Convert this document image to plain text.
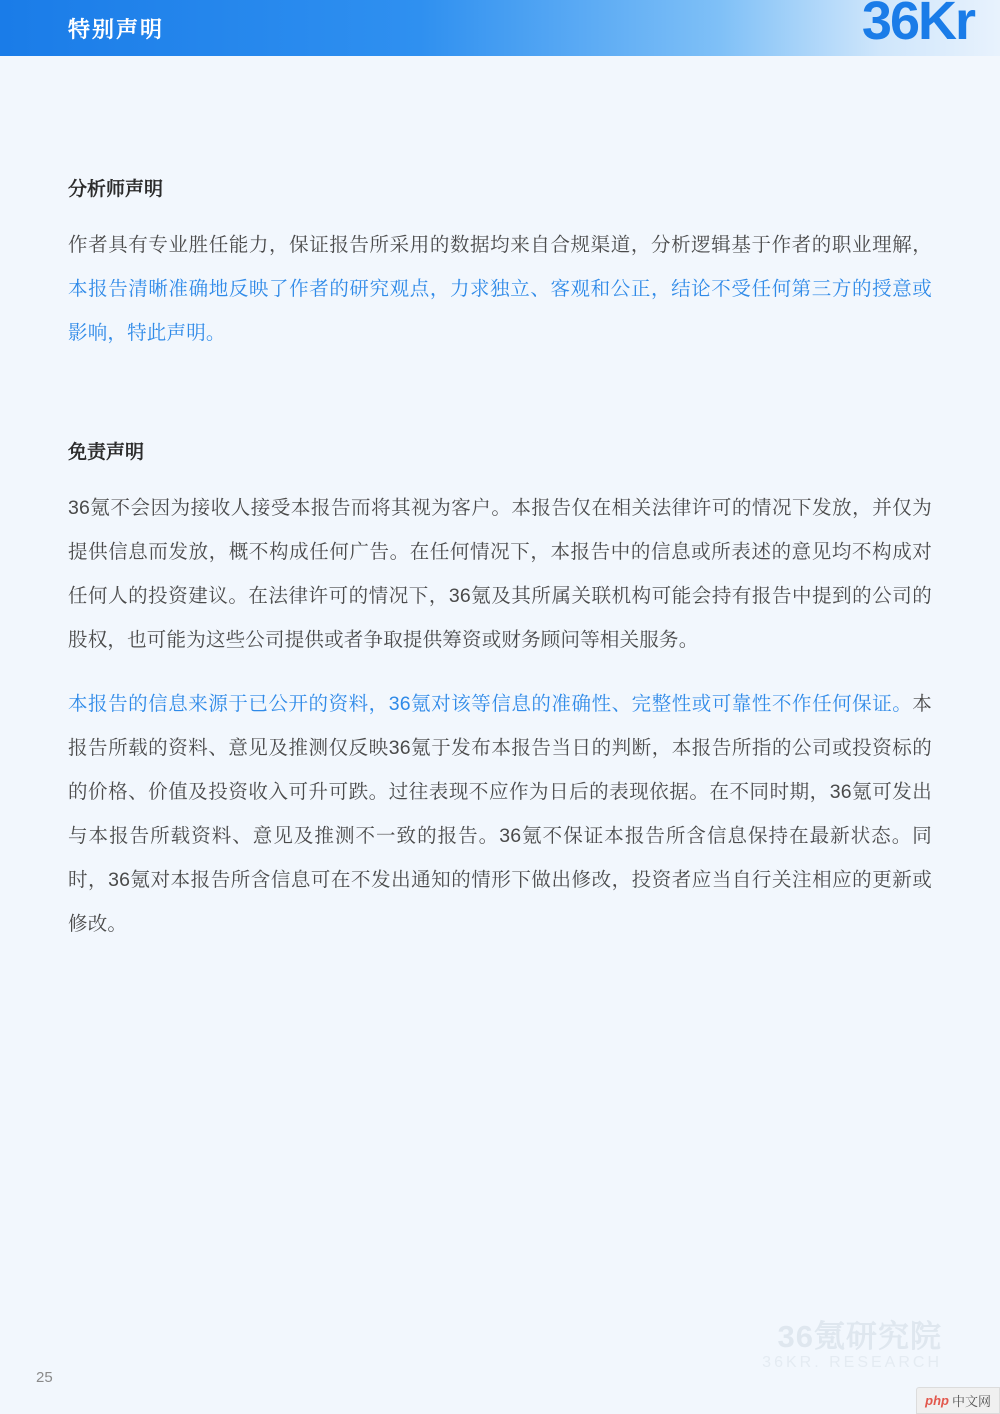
特别声明	36Kr
分析师声明

作者具有专业胜任能力，保证报告所采用的数据均来自合规渠道，分析逻辑基于作者的职业理解，本报告清晰准确地反映了作者的研究观点，力求独立、客观和公正，结论不受任何第三方的授意或影响，特此声明。

免责声明

36氪不会因为接收人接受本报告而将其视为客户。本报告仅在相关法律许可的情况下发放，并仅为提供信息而发放，概不构成任何广告。在任何情况下，本报告中的信息或所表述的意见均不构成对任何人的投资建议。在法律许可的情况下，36氪及其所属关联机构可能会持有报告中提到的公司的股权，也可能为这些公司提供或者争取提供筹资或财务顾问等相关服务。

本报告的信息来源于已公开的资料，36氪对该等信息的准确性、完整性或可靠性不作任何保证。本报告所载的资料、意见及推测仅反映36氪于发布本报告当日的判断，本报告所指的公司或投资标的的价格、价值及投资收入可升可跌。过往表现不应作为日后的表现依据。在不同时期，36氪可发出与本报告所载资料、意见及推测不一致的报告。36氪不保证本报告所含信息保持在最新状态。同时，36氪对本报告所含信息可在不发出通知的情形下做出修改，投资者应当自行关注相应的更新或修改。

25
36氪研究院
36KR. RESEARCH
php 中文网
